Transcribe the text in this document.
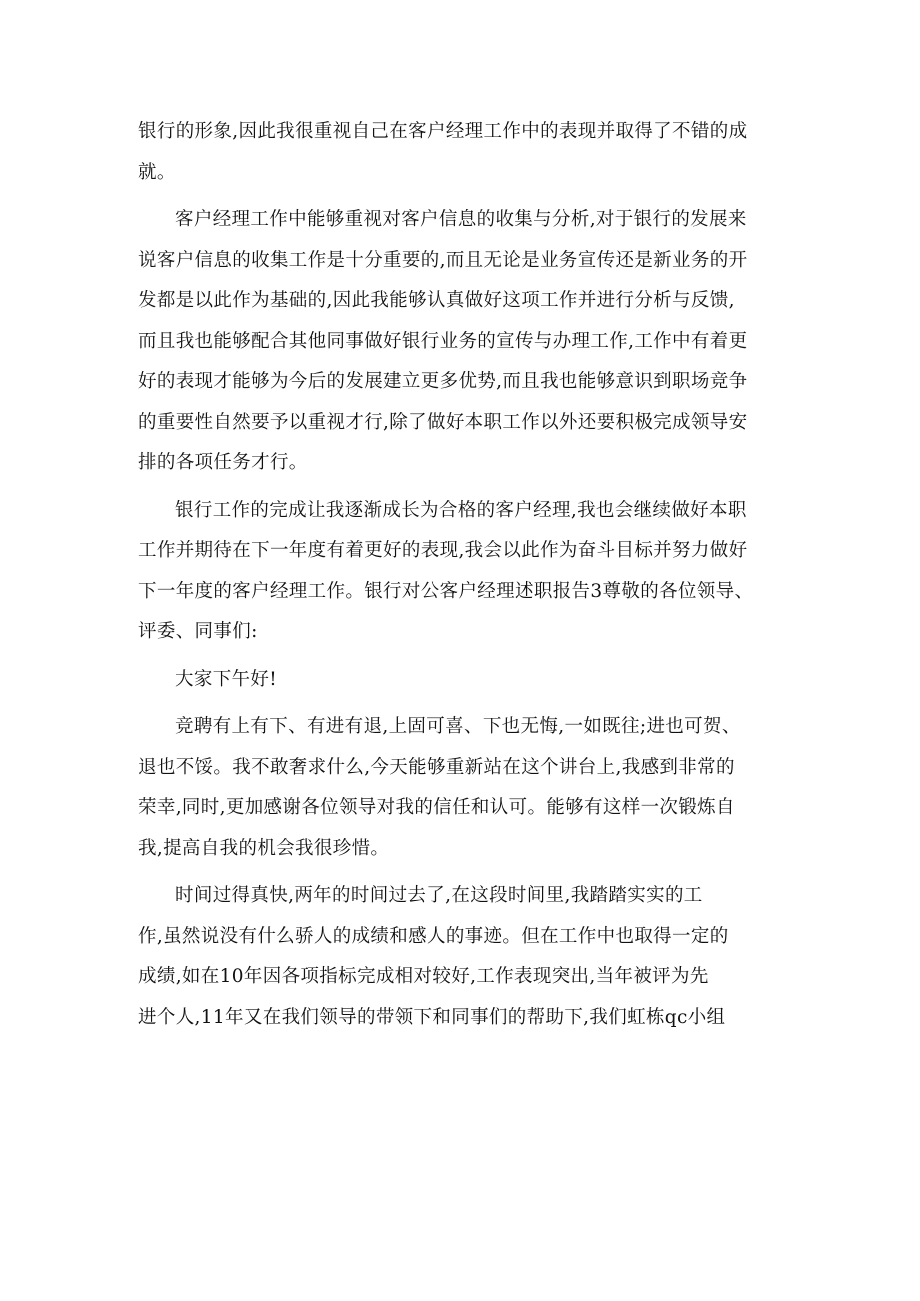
银行的形象,因此我很重视自己在客户经理工作中的表现并取得了不错的成
就。
客户经理工作中能够重视对客户信息的收集与分析,对于银行的发展来
说客户信息的收集工作是十分重要的,而且无论是业务宣传还是新业务的开
发都是以此作为基础的,因此我能够认真做好这项工作并进行分析与反馈,
而且我也能够配合其他同事做好银行业务的宣传与办理工作,工作中有着更
好的表现才能够为今后的发展建立更多优势,而且我也能够意识到职场竞争
的重要性自然要予以重视才行,除了做好本职工作以外还要积极完成领导安
排的各项任务才行。
银行工作的完成让我逐渐成长为合格的客户经理,我也会继续做好本职
工作并期待在下一年度有着更好的表现,我会以此作为奋斗目标并努力做好
下一年度的客户经理工作。银行对公客户经理述职报告3尊敬的各位领导、
评委、同事们:
大家下午好!
竞聘有上有下、有进有退,上固可喜、下也无悔,一如既往;进也可贺、
退也不馁。我不敢奢求什么,今天能够重新站在这个讲台上,我感到非常的
荣幸,同时,更加感谢各位领导对我的信任和认可。能够有这样一次锻炼自
我,提高自我的机会我很珍惜。
时间过得真快,两年的时间过去了,在这段时间里,我踏踏实实的工
作,虽然说没有什么骄人的成绩和感人的事迹。但在工作中也取得一定的
成绩,如在10年因各项指标完成相对较好,工作表现突出,当年被评为先
进个人,11年又在我们领导的带领下和同事们的帮助下,我们虹栋qc小组
